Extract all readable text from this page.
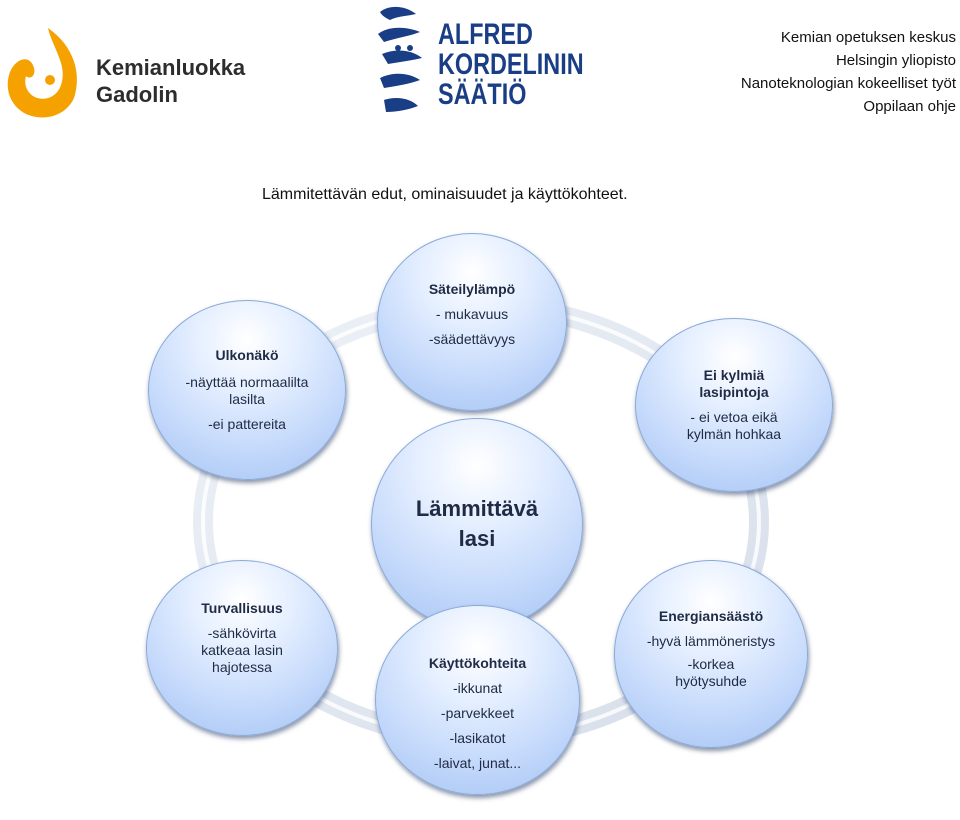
Kemianluokka
Gadolin
ALFRED
KORDELININ
SÄÄTIÖ
Kemian opetuksen keskus
Helsingin yliopisto
Nanoteknologian kokeelliset työt
Oppilaan ohje
Lämmitettävän edut, ominaisuudet ja käyttökohteet.
Säteilylämpö
- mukavuus
-säädettävyys
Ulkonäkö
-näyttää normaalilta lasilta
-ei pattereita
Ei kylmiä lasipintoja
- ei vetoa eikä kylmän hohkaa
Lämmittävä
lasi
Turvallisuus
-sähkövirta katkeaa lasin hajotessa	Käyttökohteita
-ikkunat
-parvekkeet
-lasikatot
-laivat, junat...
Energiansäästö
-hyvä lämmöneristys
-korkea hyötysuhde
